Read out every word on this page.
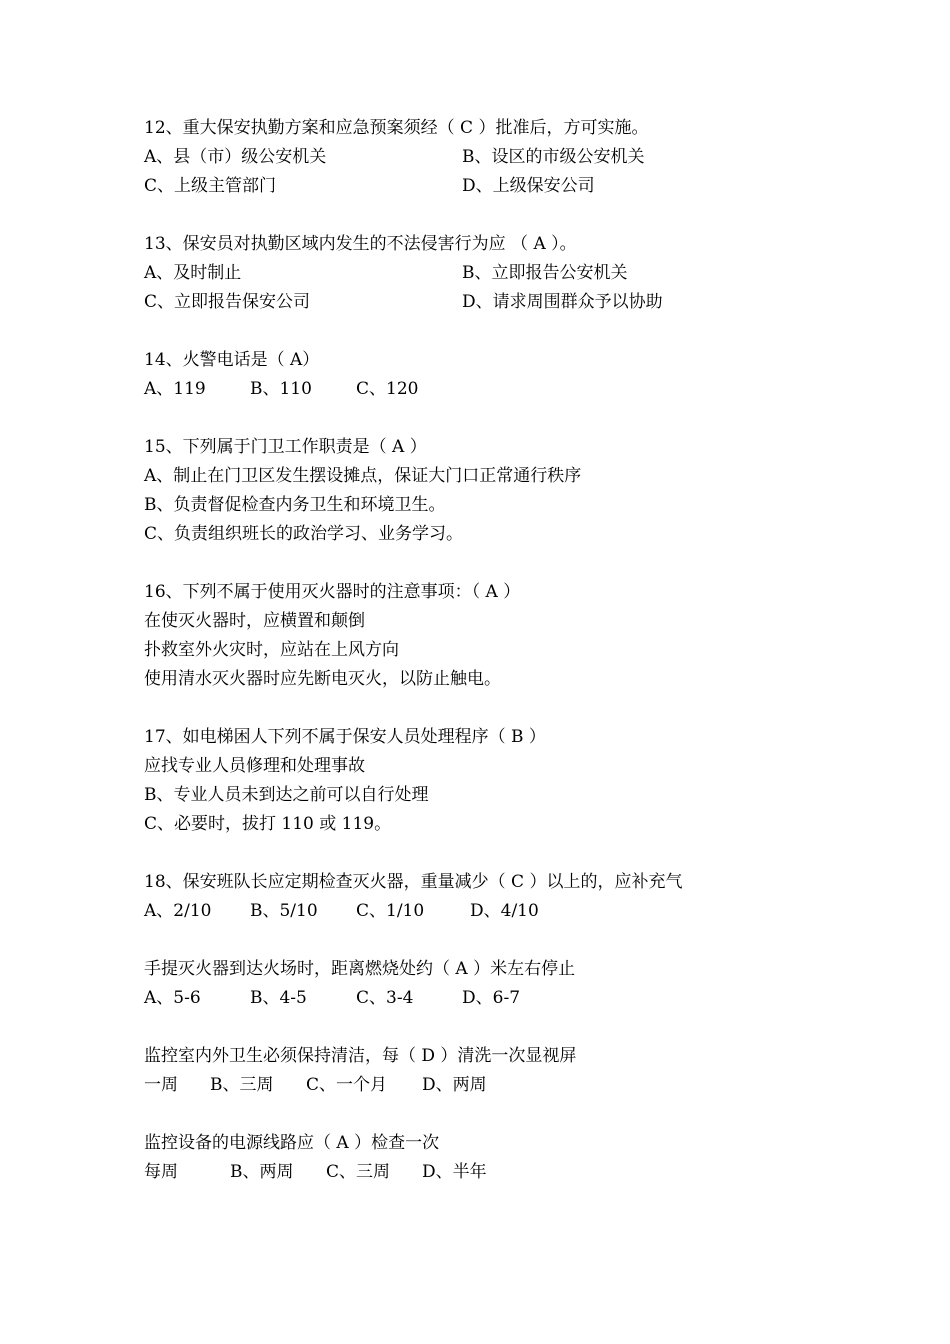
12、重大保安执勤方案和应急预案须经（ C ）批准后，方可实施。
A、县（市）级公安机关	B、设区的市级公安机关
C、上级主管部门	D、上级保安公司
13、保安员对执勤区域内发生的不法侵害行为应 （ A ）。
A、及时制止	B、立即报告公安机关
C、立即报告保安公司	D、请求周围群众予以协助
14、火警电话是（ A）
A、119	B、110	C、120
15、下列属于门卫工作职责是（ A ）
A、制止在门卫区发生摆设摊点，保证大门口正常通行秩序
B、负责督促检查内务卫生和环境卫生。
C、负责组织班长的政治学习、业务学习。
16、下列不属于使用灭火器时的注意事项：（ A ）
在使灭火器时，应横置和颠倒
扑救室外火灾时，应站在上风方向
使用清水灭火器时应先断电灭火，以防止触电。
17、如电梯困人下列不属于保安人员处理程序（ B ）
应找专业人员修理和处理事故
B、专业人员未到达之前可以自行处理
C、必要时，拔打 110 或 119。
18、保安班队长应定期检查灭火器，重量减少（ C ）以上的，应补充气
A、2/10 B、5/10 C、1/10	D、4/10
手提灭火器到达火场时，距离燃烧处约（ A ）米左右停止
A、5-6	B、4-5	C、3-4	D、6-7
监控室内外卫生必须保持清洁，每（ D ）清洗一次显视屏
一周 B、三周 C、一个月 D、两周
监控设备的电源线路应（ A ）检查一次
每周	B、两周 C、三周 D、半年
